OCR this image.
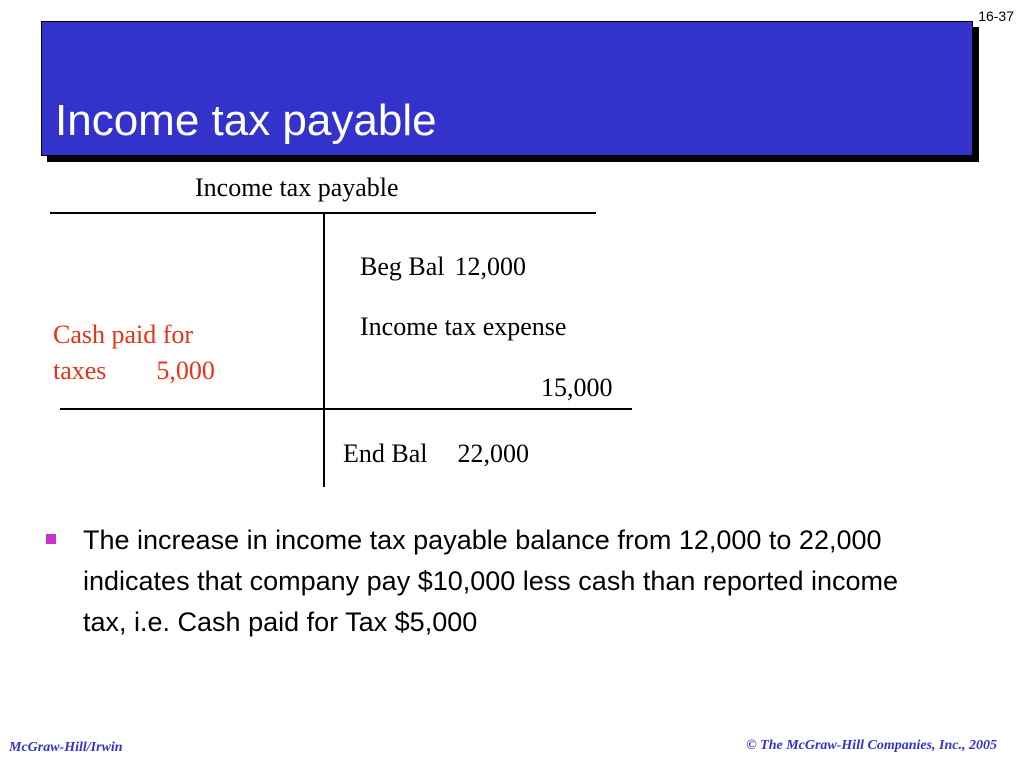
16-37
Income tax payable
Income tax payable
Cash paid for
taxes 5,000
Beg Bal 12,000
Income tax expense
15,000
End Bal 22,000
The increase in income tax payable balance from 12,000 to 22,000 indicates that company pay $10,000 less cash than reported income tax, i.e. Cash paid for Tax $5,000
McGraw-Hill/Irwin	© The McGraw-Hill Companies, Inc., 2005
